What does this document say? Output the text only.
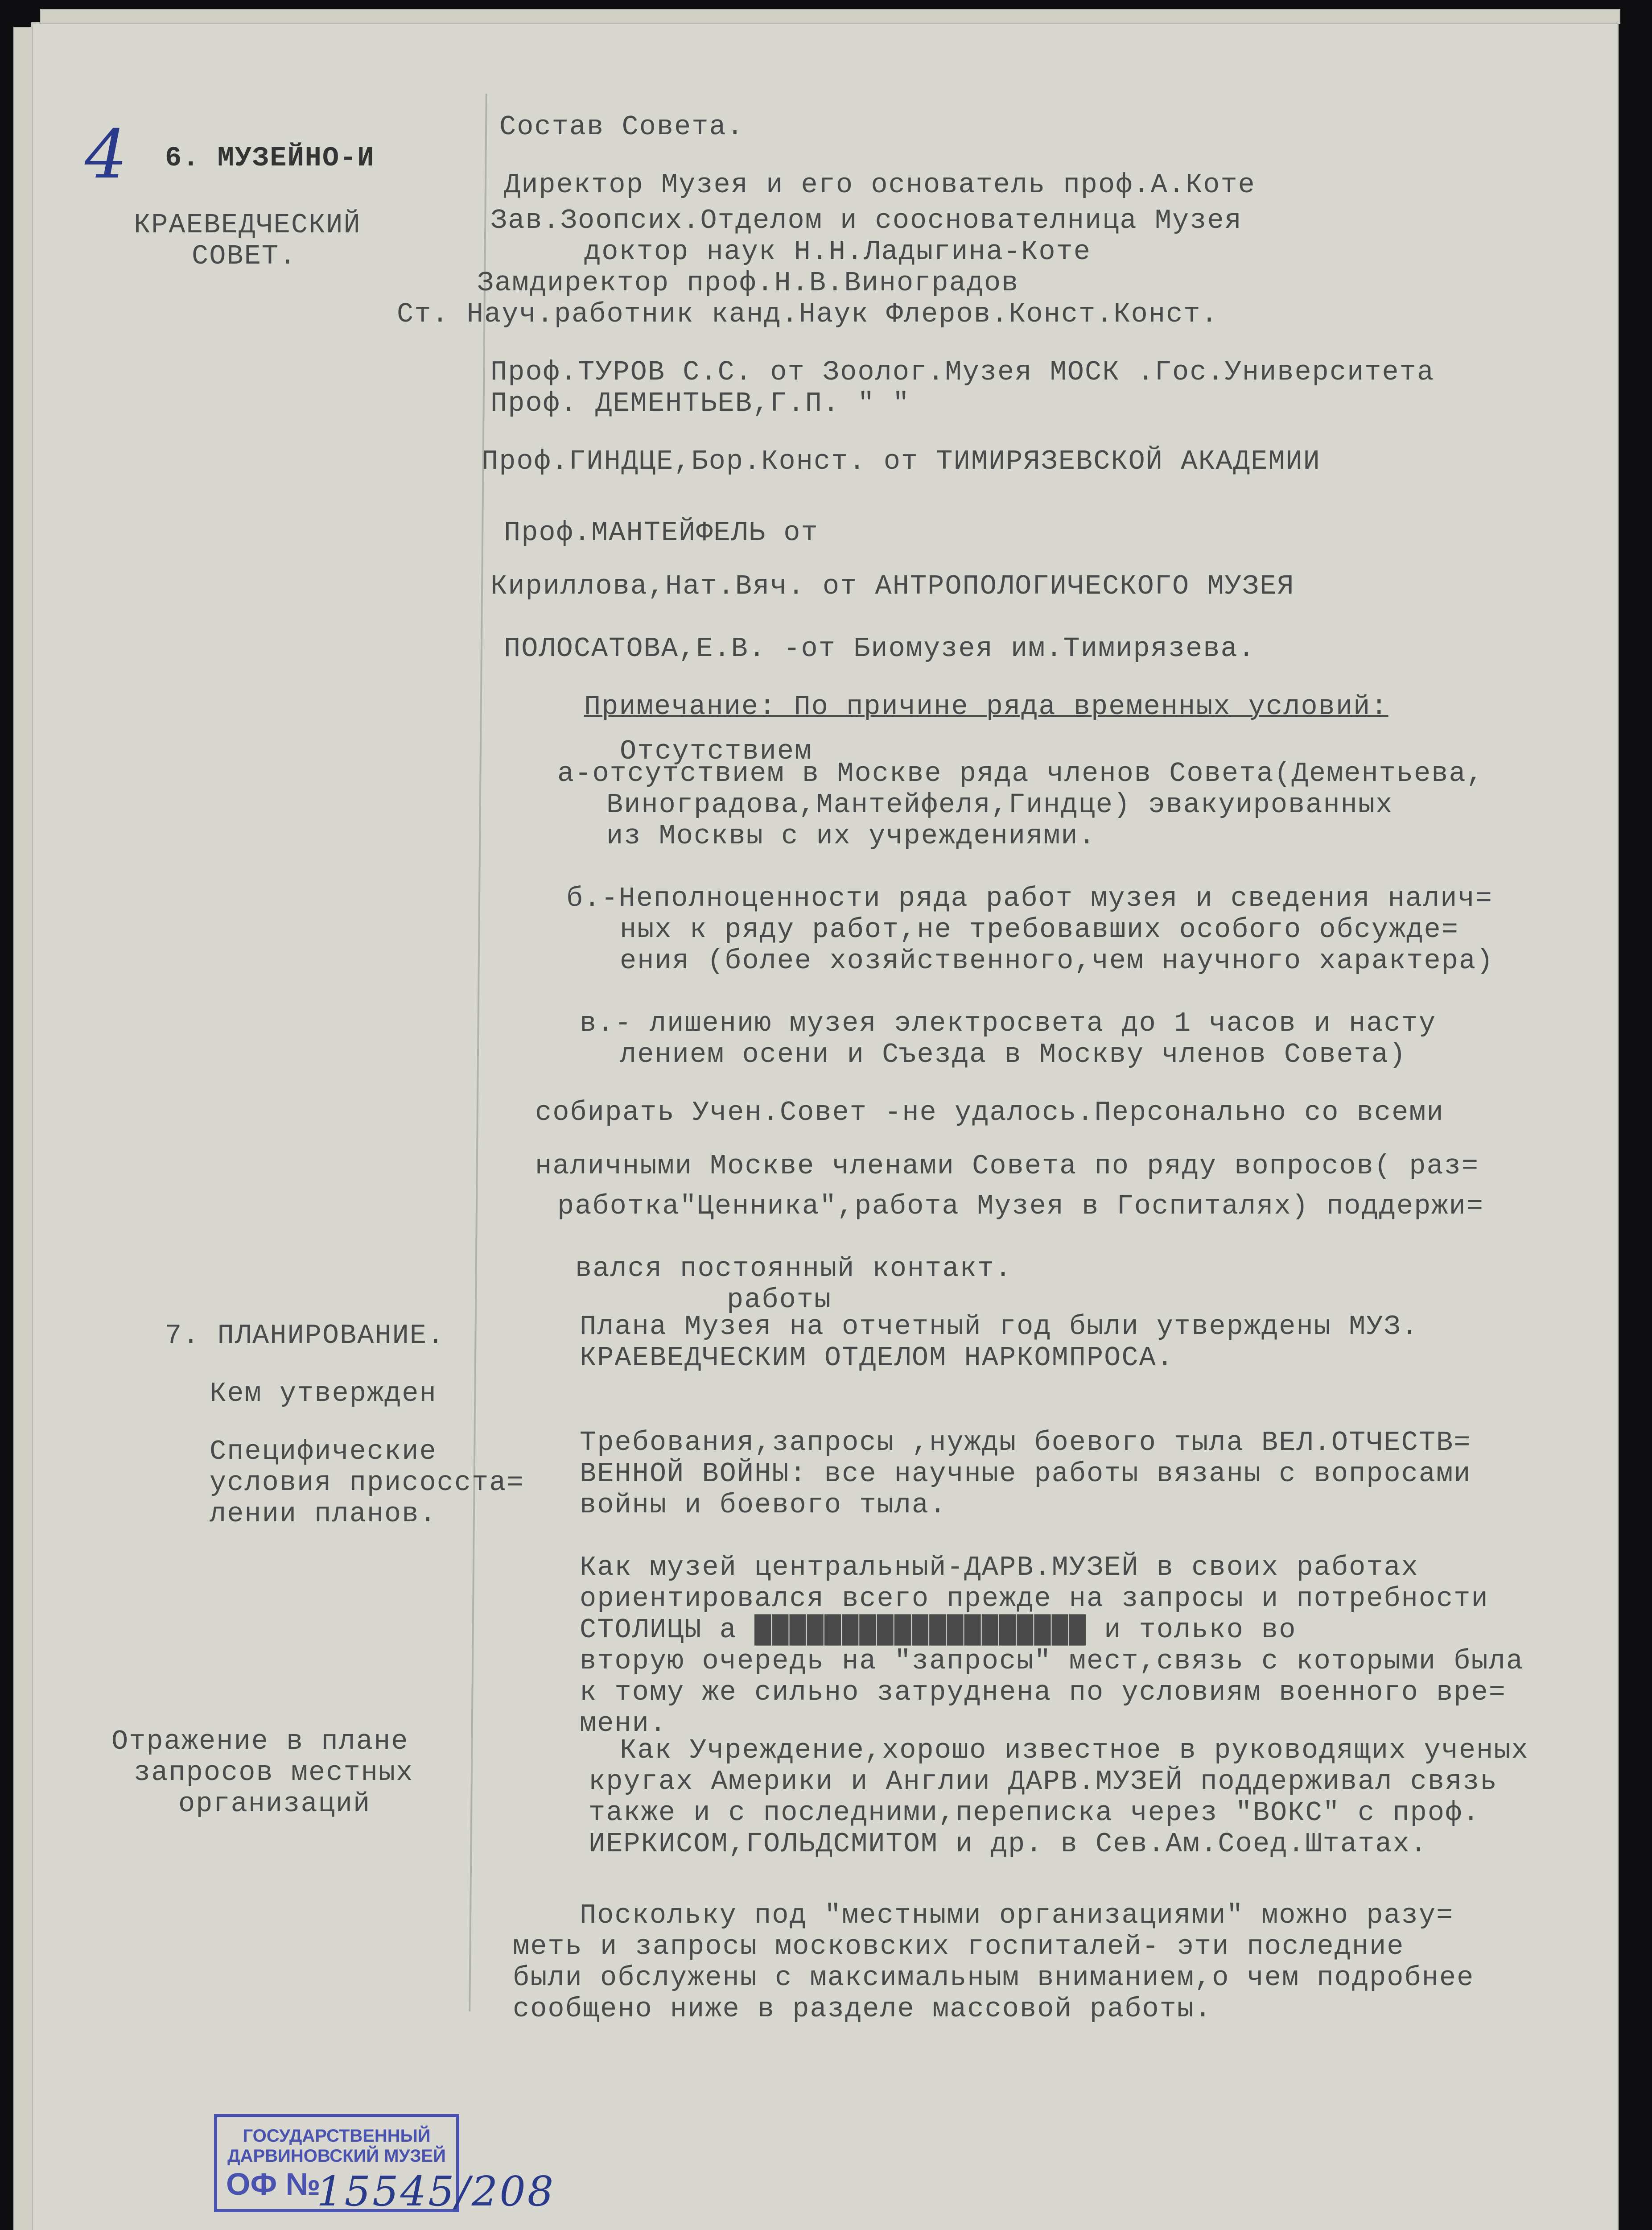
4 6. МУЗЕЙНО-И
КРАЕВЕДЧЕСКИЙ
СОВЕТ.
7. ПЛАНИРОВАНИЕ.
Кем утвержден
Специфические
условия присосста=
лении планов.
Отражение в плане
запросов местных
организаций
Состав Совета.
Директор Музея и его основатель проф.А.Коте
Зав.Зоопсих.Отделом и сооснователница Музея
доктор наук Н.Н.Ладыгина-Коте
Замдиректор проф.Н.В.Виноградов
Ст. Науч.работник канд.Наук Флеров.Конст.Конст.
Проф.ТУРОВ С.С. от Зоолог.Музея МОСК .Гос.Университета
Проф. ДЕМЕНТЬЕВ,Г.П. " "
Проф.ГИНДЦЕ,Бор.Конст. от ТИМИРЯЗЕВСКОЙ АКАДЕМИИ
Проф.МАНТЕЙФЕЛЬ от
Кириллова,Нат.Вяч. от АНТРОПОЛОГИЧЕСКОГО МУЗЕЯ
ПОЛОСАТОВА,Е.В. -от Биомузея им.Тимирязева.
Примечание: По причине ряда временных условий:
Отсутствием
а-отсутствием в Москве ряда членов Совета(Дементьева,
Виноградова,Мантейфеля,Гиндце) эвакуированных
из Москвы с их учреждениями.
б.-Неполноценности ряда работ музея и сведения налич=
ных к ряду работ,не требовавших особого обсужде=
ения (более хозяйственного,чем научного характера)
в.- лишению музея электросвета до 1 часов и насту
лением осени и Съезда в Москву членов Совета)
собирать Учен.Совет -не удалось.Персонально со всеми
наличными Москве членами Совета по ряду вопросов( раз=
работка"Ценника",работа Музея в Госпиталях) поддержи=
вался постоянный контакт.
работы
Плана Музея на отчетный год были утверждены МУЗ.
КРАЕВЕДЧЕСКИМ ОТДЕЛОМ НАРКОМПРОСА.
Требования,запросы ,нужды боевого тыла ВЕЛ.ОТЧЕСТВ=
ВЕННОЙ ВОЙНЫ: все научные работы вязаны с вопросами
войны и боевого тыла.
Как музей центральный-ДАРВ.МУЗЕЙ в своих работах
ориентировался всего прежде на запросы и потребности
СТОЛИЦЫ а ███████████████████ и только во
вторую очередь на "запросы" мест,связь с которыми была
к тому же сильно затруднена по условиям военного вре=
мени.
Как Учреждение,хорошо известное в руководящих ученых
кругах Америки и Англии ДАРВ.МУЗЕЙ поддерживал связь
также и с последними,переписка через "ВОКС" с проф.
ИЕРКИСОМ,ГОЛЬДСМИТОМ и др. в Сев.Ам.Соед.Штатах.
Поскольку под "местными организациями" можно разу=
меть и запросы московских госпиталей- эти последние
были обслужены с максимальным вниманием,о чем подробнее
сообщено ниже в разделе массовой работы.
ГОСУДАРСТВЕННЫЙ
ДАРВИНОВСКИЙ МУЗЕЙ
ОФ №
15545/208
